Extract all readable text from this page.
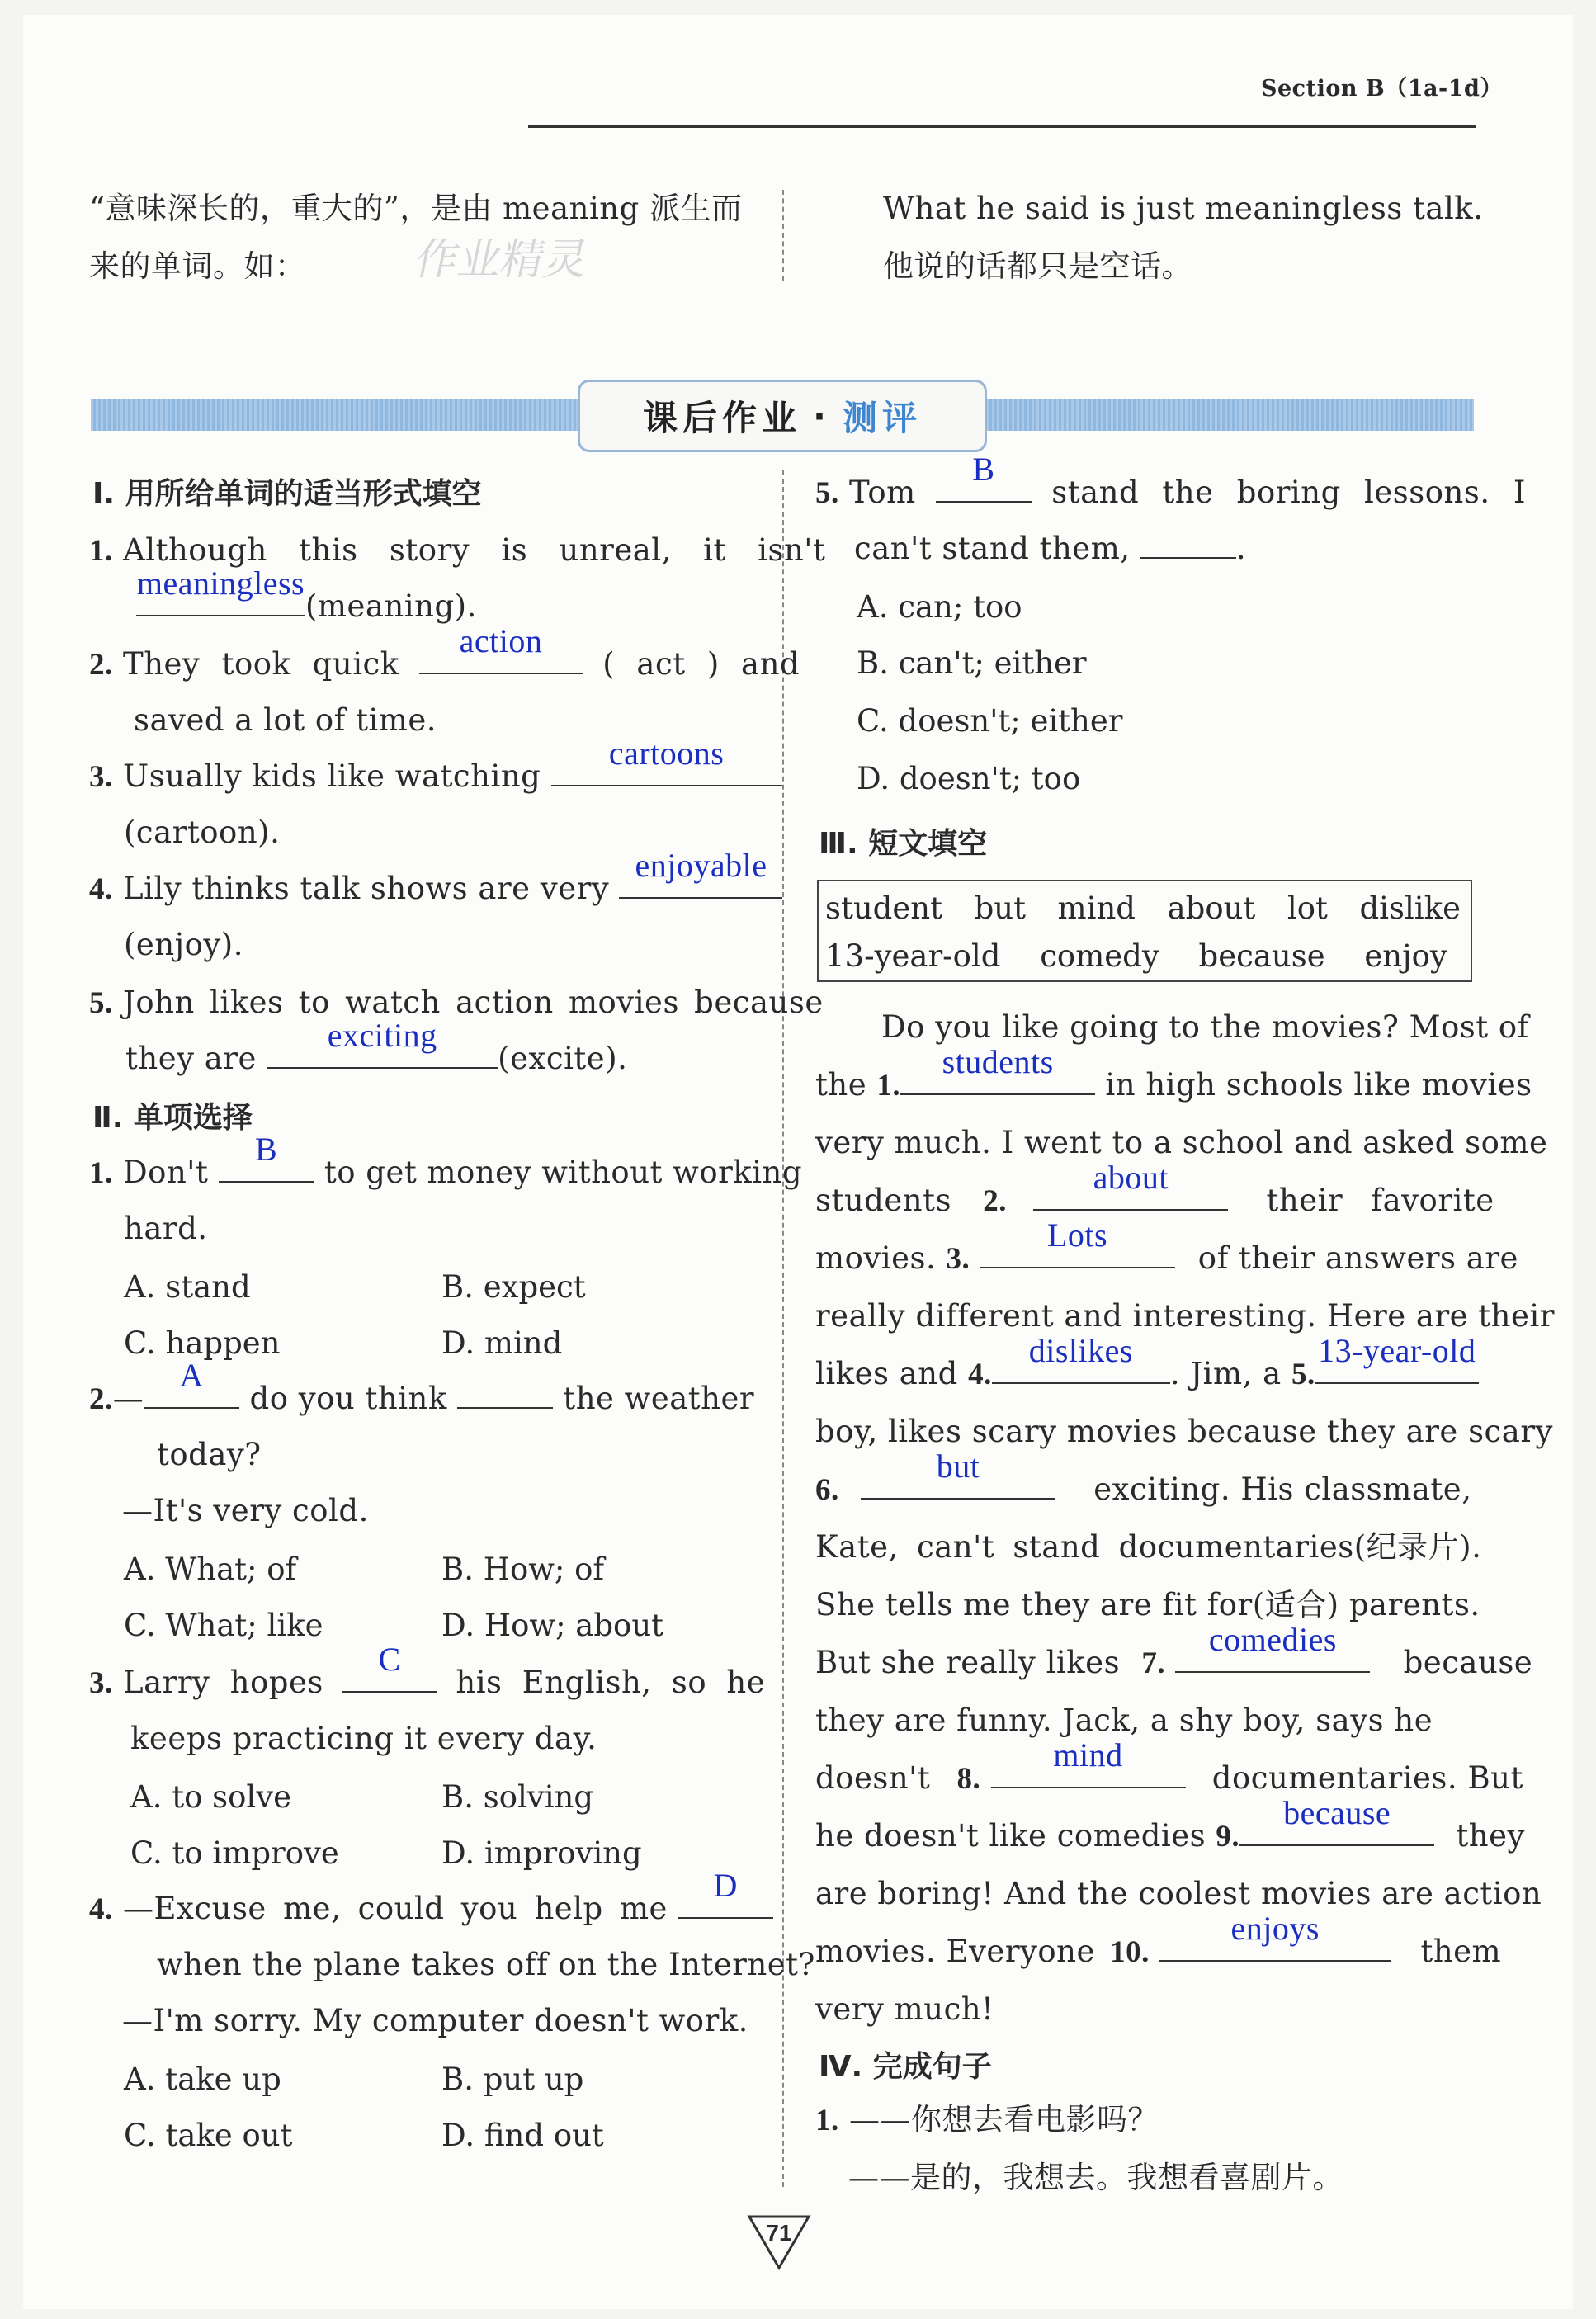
Section B（1a-1d）
“意味深长的，重大的”，是由 meaning 派生而
来的单词。如： 作业精灵
What he said is just meaningless talk.
他说的话都只是空话。
课后作业 · 测评
Ⅰ. 用所给单词的适当形式填空
1. Although this story is unreal, it isn't
meaningless
(meaning).
2. They took quick
action
( act ) and
saved a lot of time.
3. Usually kids like watching
cartoons
(cartoon).
4. Lily thinks talk shows are very
enjoyable
(enjoy).
5. John likes to watch action movies because
they are
exciting
(excite).
Ⅱ. 单项选择
1. Don't
B
to get money without working
hard.
A. stand	B. expect
C. happen	D. mind
2.—
A
do you think	the weather
today?
—It's very cold.
A. What; of	B. How; of
C. What; like	D. How; about
3. Larry hopes
C
his English, so he
keeps practicing it every day.
A. to solve	B. solving
C. to improve	D. improving
4. —Excuse me, could you help me
D
when the plane takes off on the Internet?
—I'm sorry. My computer doesn't work.
A. take up	B. put up
C. take out	D. find out
5. Tom
B
stand the boring lessons. I
can't stand them,	.
A. can; too
B. can't; either
C. doesn't; either
D. doesn't; too
Ⅲ. 短文填空
student but mind about lot dislike
13-year-old comedy because enjoy
Do you like going to the movies? Most of
the 1.
students
in high schools like movies
very much. I went to a school and asked some
students 2.
about
their favorite
movies. 3.
Lots
of their answers are
really different and interesting. Here are their
likes and 4.
dislikes
. Jim, a 5.
13-year-old
boy, likes scary movies because they are scary
6.
but
exciting. His classmate,
Kate, can't stand documentaries(纪录片).
She tells me they are fit for(适合) parents.
But she really likes 7.
comedies
because
they are funny. Jack, a shy boy, says he
doesn't 8.
mind
documentaries. But
he doesn't like comedies 9.
because
they
are boring! And the coolest movies are action
movies. Everyone 10.
enjoys
them
very much!
Ⅳ. 完成句子
1. ——你想去看电影吗？
——是的，我想去。我想看喜剧片。
71
